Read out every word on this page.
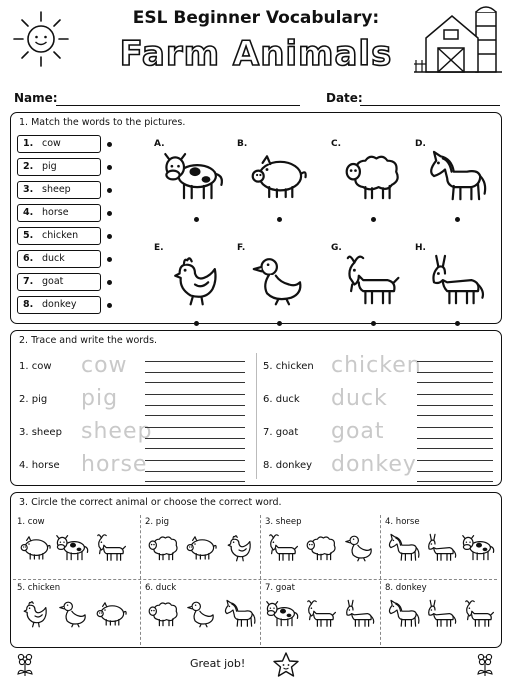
ESL Beginner Vocabulary:
Farm Animals
Name:	Date:
1. Match the words to the pictures.
1. cow
2. pig
3. sheep
4. horse
5. chicken
6. duck
7. goat
8. donkey
A.	B.	C.	D.
E.	F.	G.	H.
2. Trace and write the words.
1. cow cow
2. pig pig
3. sheep sheep
4. horse horse
5. chicken chicken
6. duck duck
7. goat goat
8. donkey donkey
3. Circle the correct animal or choose the correct word.
1. cow	2. pig	3. sheep	4. horse
5. chicken	6. duck	7. goat	8. donkey
Great job!
